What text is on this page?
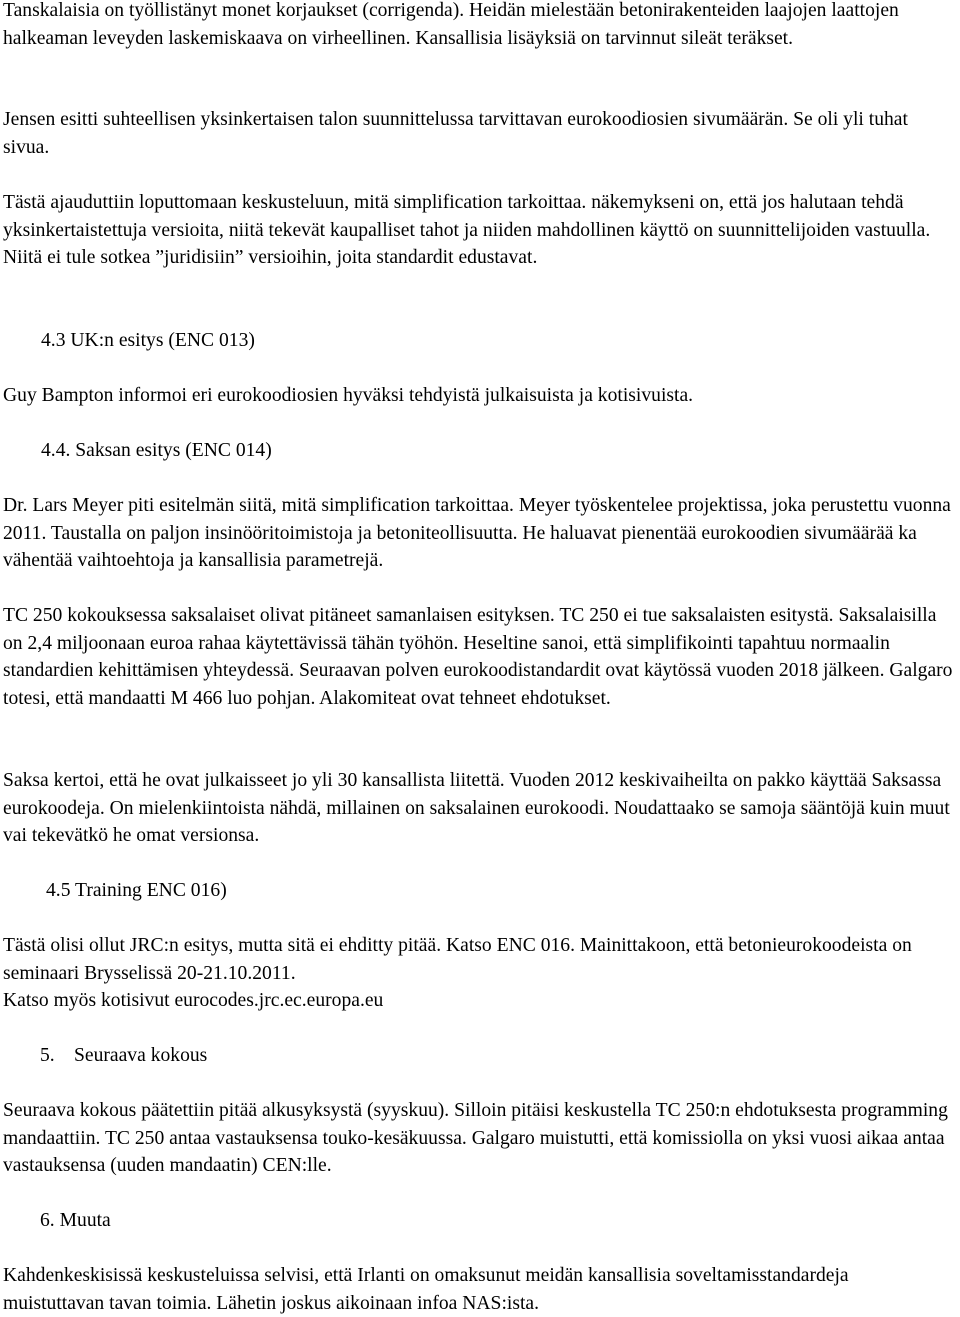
Tanskalaisia on työllistänyt monet korjaukset (corrigenda). Heidän mielestään betonirakenteiden laajojen laattojen halkeaman leveyden laskemiskaava on virheellinen. Kansallisia lisäyksiä on tarvinnut sileät teräkset.

Jensen esitti suhteellisen yksinkertaisen talon suunnittelussa tarvittavan eurokoodiosien sivumäärän. Se oli yli tuhat sivua.

Tästä ajauduttiin loputtomaan keskusteluun, mitä simplification tarkoittaa. näkemykseni on, että jos halutaan tehdä yksinkertaistettuja versioita, niitä tekevät kaupalliset tahot ja niiden mahdollinen käyttö on suunnittelijoiden vastuulla. Niitä ei tule sotkea ”juridisiin” versioihin, joita standardit edustavat.

4.3 UK:n esitys (ENC 013)

Guy Bampton informoi eri eurokoodiosien hyväksi tehdyistä julkaisuista ja kotisivuista.

4.4. Saksan esitys (ENC 014)

Dr. Lars Meyer piti esitelmän siitä, mitä simplification tarkoittaa. Meyer työskentelee projektissa, joka perustettu vuonna 2011. Taustalla on paljon insinööritoimistoja ja betoniteollisuutta. He haluavat pienentää eurokoodien sivumäärää ka vähentää vaihtoehtoja ja kansallisia parametrejä.

TC 250 kokouksessa saksalaiset olivat pitäneet samanlaisen esityksen. TC 250 ei tue saksalaisten esitystä. Saksalaisilla on 2,4 miljoonaan euroa rahaa käytettävissä tähän työhön. Heseltine sanoi, että simplifikointi tapahtuu normaalin standardien kehittämisen yhteydessä. Seuraavan polven eurokoodistandardit ovat käytössä vuoden 2018 jälkeen. Galgaro totesi, että mandaatti M 466 luo pohjan. Alakomiteat ovat tehneet ehdotukset.

Saksa kertoi, että he ovat julkaisseet jo yli 30 kansallista liitettä. Vuoden 2012 keskivaiheilta on pakko käyttää Saksassa eurokoodeja. On mielenkiintoista nähdä, millainen on saksalainen eurokoodi. Noudattaako se samoja sääntöjä kuin muut vai tekevätkö he omat versionsa.

4.5 Training ENC 016)

Tästä olisi ollut JRC:n esitys, mutta sitä ei ehditty pitää. Katso ENC 016. Mainittakoon, että betonieurokoodeista on seminaari Brysselissä 20-21.10.2011.

Katso myös kotisivut eurocodes.jrc.ec.europa.eu

5. Seuraava kokous

Seuraava kokous päätettiin pitää alkusyksystä (syyskuu). Silloin pitäisi keskustella TC 250:n ehdotuksesta programming mandaattiin. TC 250 antaa vastauksensa touko-kesäkuussa. Galgaro muistutti, että komissiolla on yksi vuosi aikaa antaa vastauksensa (uuden mandaatin) CEN:lle.

6. Muuta

Kahdenkeskisissä keskusteluissa selvisi, että Irlanti on omaksunut meidän kansallisia soveltamisstandardeja muistuttavan tavan toimia. Lähetin joskus aikoinaan infoa NAS:ista.
